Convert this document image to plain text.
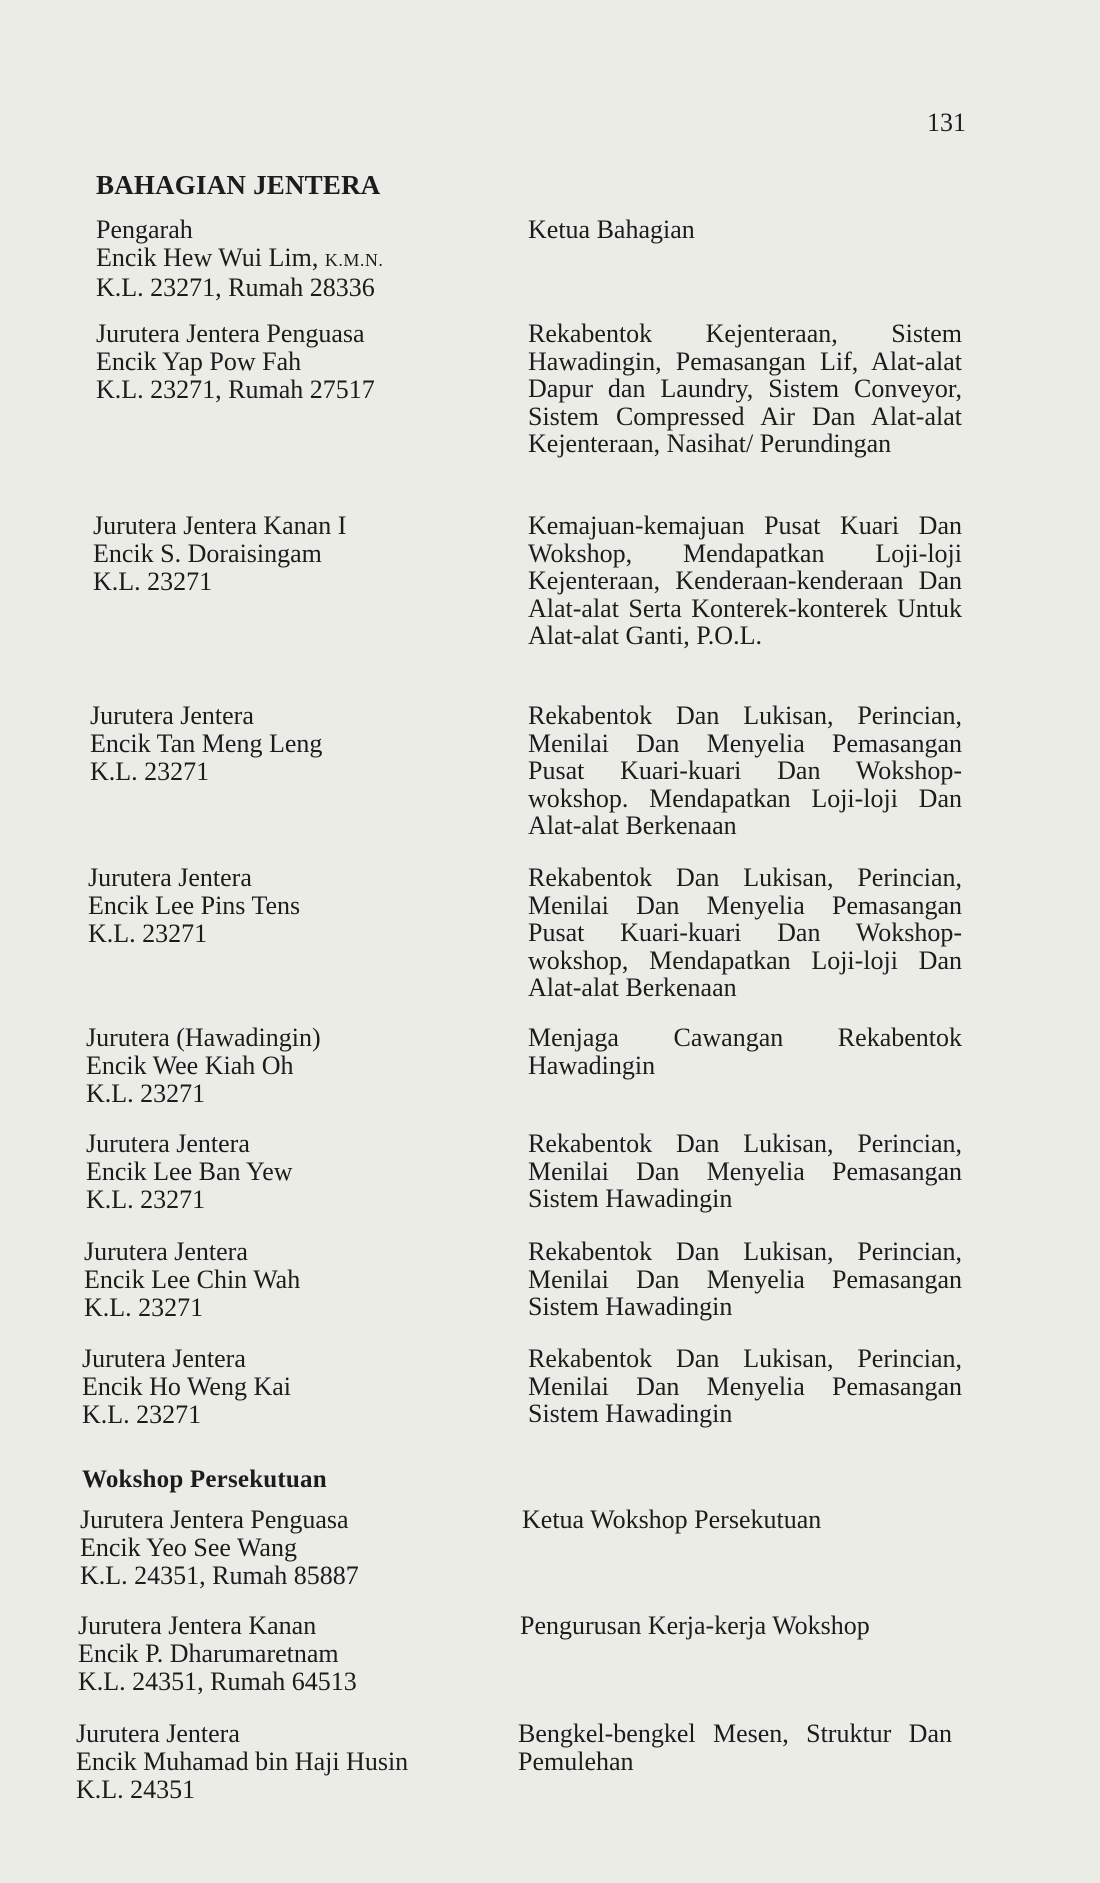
131
BAHAGIAN JENTERA
Pengarah
Encik Hew Wui Lim, K.M.N.
K.L. 23271, Rumah 28336
Ketua Bahagian
Jurutera Jentera Penguasa
Encik Yap Pow Fah
K.L. 23271, Rumah 27517
Rekabentok Kejenteraan, Sistem Hawadingin, Pemasangan Lif, Alat-alat Dapur dan Laundry, Sistem Conveyor, Sistem Compressed Air Dan Alat-alat Kejenteraan, Nasihat/ Perundingan
Jurutera Jentera Kanan I
Encik S. Doraisingam
K.L. 23271
Kemajuan-kemajuan Pusat Kuari Dan Wokshop, Mendapatkan Loji-loji Kejenteraan, Kenderaan-kenderaan Dan Alat-alat Serta Konterek-konterek Untuk Alat-alat Ganti, P.O.L.
Jurutera Jentera
Encik Tan Meng Leng
K.L. 23271
Rekabentok Dan Lukisan, Perincian, Menilai Dan Menyelia Pemasangan Pusat Kuari-kuari Dan Wokshop-wokshop. Mendapatkan Loji-loji Dan Alat-alat Berkenaan
Jurutera Jentera
Encik Lee Pins Tens
K.L. 23271
Rekabentok Dan Lukisan, Perincian, Menilai Dan Menyelia Pemasangan Pusat Kuari-kuari Dan Wokshop-wokshop, Mendapatkan Loji-loji Dan Alat-alat Berkenaan
Jurutera (Hawadingin)
Encik Wee Kiah Oh
K.L. 23271
Menjaga Cawangan Rekabentok Hawadingin
Jurutera Jentera
Encik Lee Ban Yew
K.L. 23271
Rekabentok Dan Lukisan, Perincian, Menilai Dan Menyelia Pemasangan Sistem Hawadingin
Jurutera Jentera
Encik Lee Chin Wah
K.L. 23271
Rekabentok Dan Lukisan, Perincian, Menilai Dan Menyelia Pemasangan Sistem Hawadingin
Jurutera Jentera
Encik Ho Weng Kai
K.L. 23271
Rekabentok Dan Lukisan, Perincian, Menilai Dan Menyelia Pemasangan Sistem Hawadingin
Wokshop Persekutuan
Jurutera Jentera Penguasa
Encik Yeo See Wang
K.L. 24351, Rumah 85887
Ketua Wokshop Persekutuan
Jurutera Jentera Kanan
Encik P. Dharumaretnam
K.L. 24351, Rumah 64513
Pengurusan Kerja-kerja Wokshop
Jurutera Jentera
Encik Muhamad bin Haji Husin
K.L. 24351
Bengkel-bengkel Mesen, Struktur Dan Pemulehan
